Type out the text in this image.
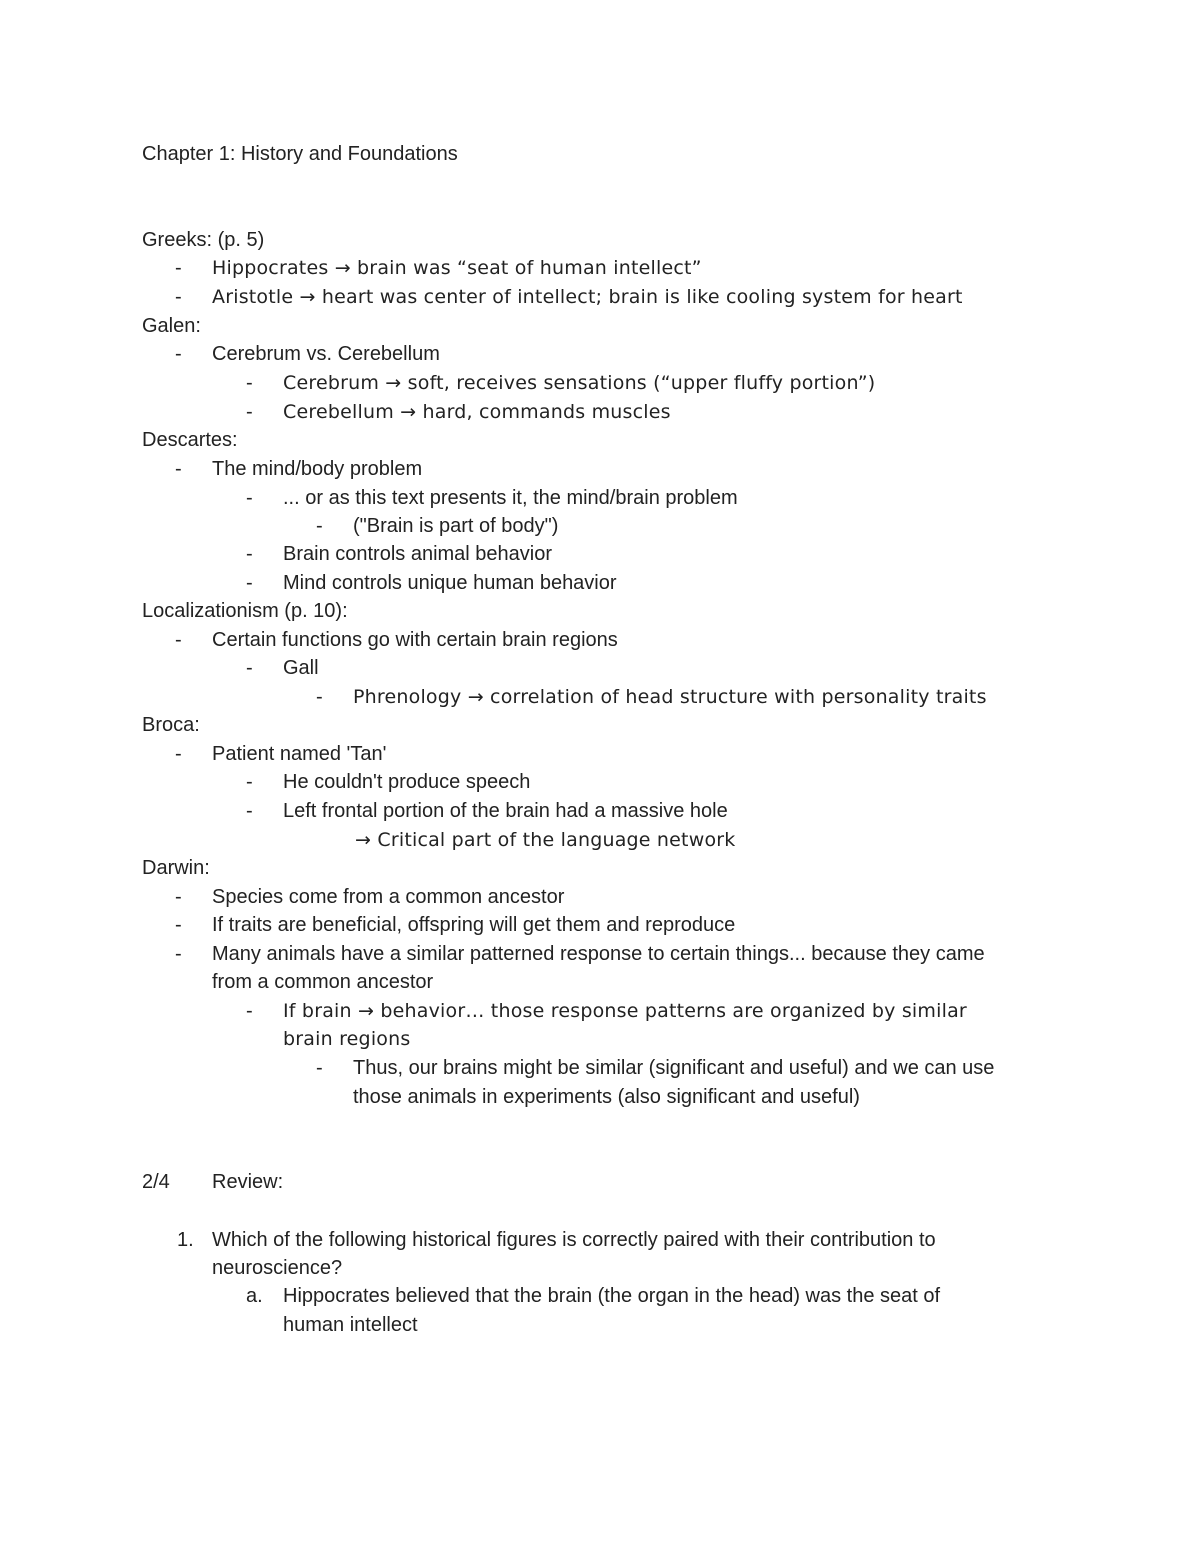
Chapter 1: History and Foundations
Greeks: (p. 5)
- Hippocrates → brain was “seat of human intellect”
- Aristotle → heart was center of intellect; brain is like cooling system for heart
Galen:
- Cerebrum vs. Cerebellum
- Cerebrum → soft, receives sensations (“upper fluffy portion”)
- Cerebellum → hard, commands muscles
Descartes:
- The mind/body problem
- ... or as this text presents it, the mind/brain problem
- ("Brain is part of body")
- Brain controls animal behavior
- Mind controls unique human behavior
Localizationism (p. 10):
- Certain functions go with certain brain regions
- Gall
- Phrenology → correlation of head structure with personality traits
Broca:
- Patient named 'Tan'
- He couldn't produce speech
- Left frontal portion of the brain had a massive hole
→ Critical part of the language network
Darwin:
- Species come from a common ancestor
- If traits are beneficial, offspring will get them and reproduce
- Many animals have a similar patterned response to certain things... because they came
from a common ancestor
- If brain → behavior… those response patterns are organized by similar
brain regions
- Thus, our brains might be similar (significant and useful) and we can use
those animals in experiments (also significant and useful)
2/4 Review:
1. Which of the following historical figures is correctly paired with their contribution to
neuroscience?
a. Hippocrates believed that the brain (the organ in the head) was the seat of
human intellect
